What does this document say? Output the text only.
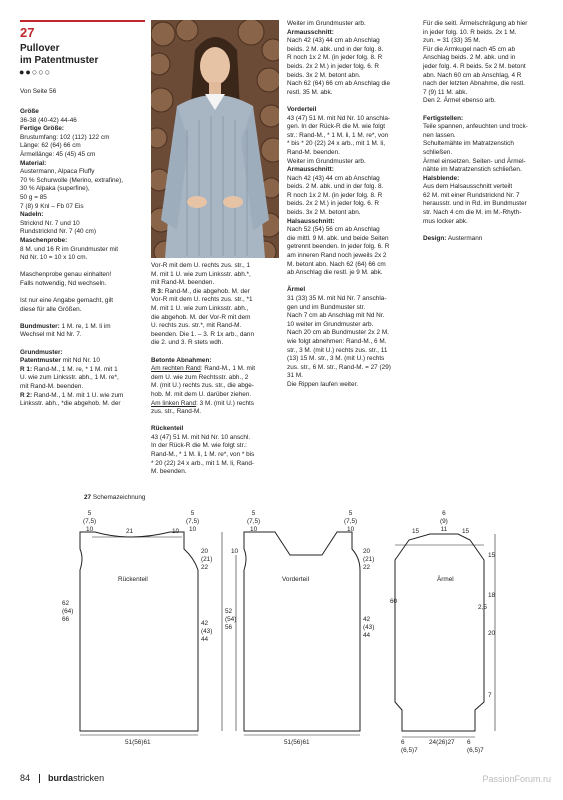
27
Pullover
im Patentmuster
●●○○○
Von Seite 56

Größe

36-38 (40-42) 44-46

Fertige Größe:

Brustumfang: 102 (112) 122 cm

Länge: 62 (64) 66 cm

Ärmellänge: 45 (45) 45 cm

Material:

Austermann, Alpaca Fluffy

70 % Schurwolle (Merino, extrafine),

30 % Alpaka (superfine),

50 g = 85

7 (8) 9 Knl – Fb 07 Eis

Nadeln:

Stricknd Nr. 7 und 10

Rundstricknd Nr. 7 (40 cm)

Maschenprobe:

8 M. und 16 R im Grundmuster mit

Nd Nr. 10 = 10 x 10 cm.

Maschenprobe genau einhalten!

Falls notwendig, Nd wechseln.

Ist nur eine Angabe gemacht, gilt

diese für alle Größen.

Bundmuster: 1 M. re, 1 M. li im

Wechsel mit Nd Nr. 7.

Grundmuster:

Patentmuster mit Nd Nr. 10

R 1: Rand-M., 1 M. re, * 1 M. mit 1

U. wie zum Linksstr. abh., 1 M. re*,

mit Rand-M. beenden.

R 2: Rand-M., 1 M. mit 1 U. wie zum

Linksstr. abh., *die abgehob. M. der

Vor-R mit dem U. rechts zus. str., 1

M. mit 1 U. wie zum Linksstr. abh.*,

mit Rand-M. beenden.

R 3: Rand-M., die abgehob. M. der

Vor-R mit dem U. rechts zus. str., *1

M. mit 1 U. wie zum Linksstr. abh.,

die abgehob. M. der Vor-R mit dem

U. rechts zus. str.*, mit Rand-M.

beenden. Die 1. – 3. R 1x arb., dann

die 2. und 3. R stets wdh.

Betonte Abnahmen:

Am rechten Rand: Rand-M., 1 M. mit

dem U. wie zum Rechtsstr. abh., 2

M. (mit U.) rechts zus. str., die abge-

hob. M. mit dem U. darüber ziehen.

Am linken Rand: 3 M. (mit U.) rechts

zus. str., Rand-M.

Rückenteil

43 (47) 51 M. mit Nd Nr. 10 anschl.

In der Rück-R die M. wie folgt str.:

Rand-M., * 1 M. li, 1 M. re*, von * bis

* 20 (22) 24 x arb., mit 1 M. li, Rand-

M. beenden.

Weiter im Grundmuster arb.

Armausschnitt:

Nach 42 (43) 44 cm ab Anschlag

beids. 2 M. abk. und in der folg. 8.

R noch 1x 2 M. (in jeder folg. 8. R

beids. 2x 2 M.) in jeder folg. 6. R

beids. 3x 2 M. betont abn.

Nach 62 (64) 66 cm ab Anschlag die

restl. 35 M. abk.

Vorderteil

43 (47) 51 M. mit Nd Nr. 10 anschla-

gen. In der Rück-R die M. wie folgt

str.: Rand-M., * 1 M. li, 1 M. re*, von

* bis * 20 (22) 24 x arb., mit 1 M. li,

Rand-M. beenden.

Weiter im Grundmuster arb.

Armausschnitt:

Nach 42 (43) 44 cm ab Anschlag

beids. 2 M. abk. und in der folg. 8.

R noch 1x 2 M. (in jeder folg. 8. R

beids. 2x 2 M.) in jeder folg. 6. R

beids. 3x 2 M. betont abn.

Halsausschnitt:

Nach 52 (54) 56 cm ab Anschlag

die mittl. 9 M. abk. und beide Seiten

getrennt beenden. In jeder folg. 6. R

am inneren Rand noch jeweils 2x 2

M. betont abn. Nach 62 (64) 66 cm

ab Anschlag die restl. je 9 M. abk.

Ärmel

31 (33) 35 M. mit Nd Nr. 7 anschla-

gen und im Bundmuster str.

Nach 7 cm ab Anschlag mit Nd Nr.

10 weiter im Grundmuster arb.

Nach 20 cm ab Bundmuster 2x 2 M.

wie folgt abnehmen: Rand-M., 6 M.

str., 3 M. (mit U.) rechts zus. str., 11

(13) 15 M. str., 3 M. (mit U.) rechts

zus. str., 6 M. str., Rand-M. = 27 (29)

31 M.

Die Rippen laufen weiter.

Für die seitl. Ärmelschrägung ab hier

in jeder folg. 10. R beids. 2x 1 M.

zun. = 31 (33) 35 M.

Für die Armkugel nach 45 cm ab

Anschlag beids. 2 M. abk. und in

jeder folg. 4. R beids. 5x 2 M. betont

abn. Nach 60 cm ab Anschlag, 4 R

nach der letzten Abnahme, die restl.

7 (9) 11 M. abk.

Den 2. Ärmel ebenso arb.

Fertigstellen:

Teile spannen, anfeuchten und trock-

nen lassen.

Schultemähte im Matratzenstich

schließen.

Ärmel einsetzen. Seiten- und Ärmel-

nähte im Matratzenstich schließen.

Halsblende:

Aus dem Halsausschnitt verteilt

62 M. mit einer Rundstricknd Nr. 7

herausstr. und in Rd. im Bundmuster

str. Nach 4 cm die M. im M.-Rhyth-

mus locker abk.

Design: Austermann

27 Schemazeichnung
5
(7,5)
10	21	10
5
(7,5)
10
20
(21)
22
Rückenteil
62
(64)
66
42
(43)
44
51(56)61
5
(7,5)
10
5
(7,5)
10
10	20
(21)
22
Vorderteil
52
(54)
56
42
(43)
44
51(56)61
6
(9)
11
15	15
15
Ärmel
60
18
2,5
20
7
6
(6,5)7
24(26)27 6
(6,5)7
84 burdastricken	PassionForum.ru
